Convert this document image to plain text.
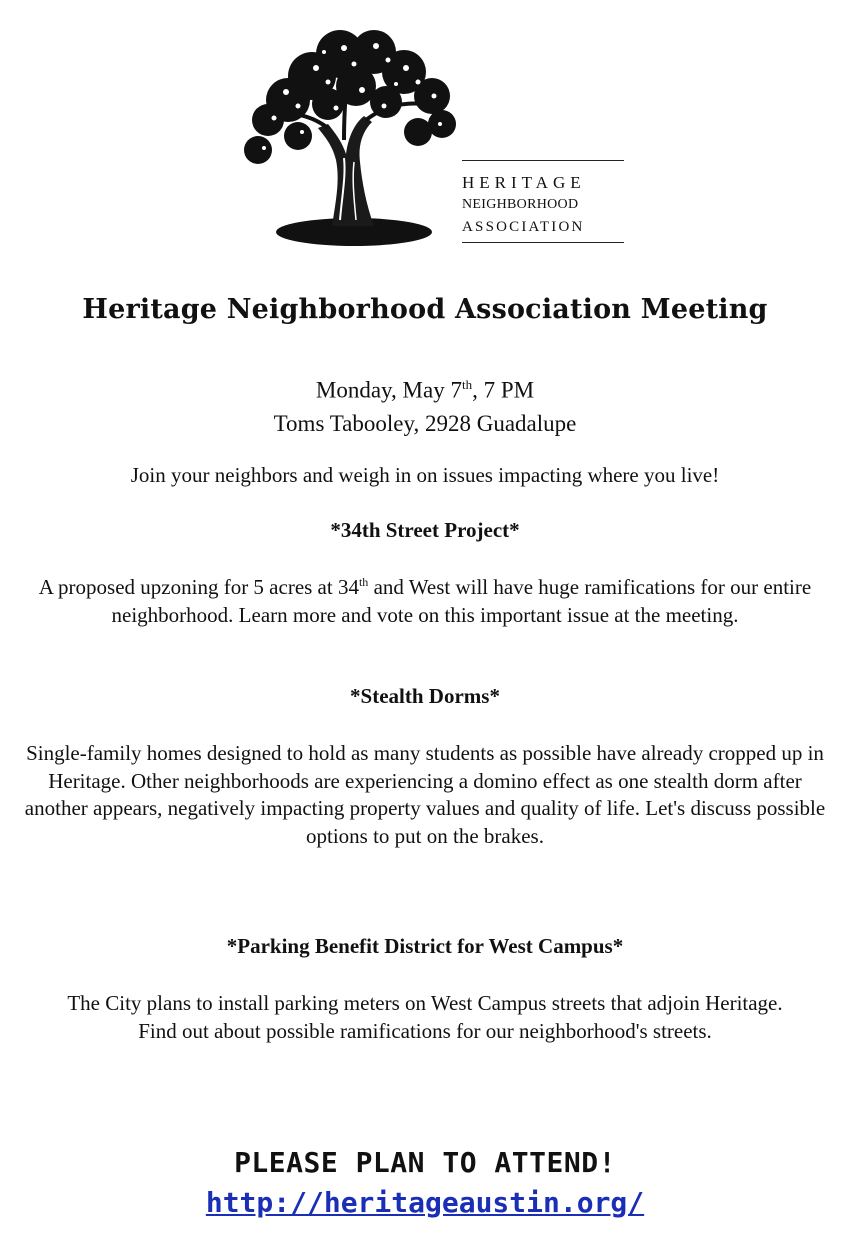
HERITAGE
NEIGHBORHOOD
ASSOCIATION
Heritage Neighborhood Association Meeting
Monday, May 7th, 7 PM
Toms Tabooley, 2928 Guadalupe

Join your neighbors and weigh in on issues impacting where you live!

*34th Street Project*

A proposed upzoning for 5 acres at 34th and West will have huge ramifications for our entire neighborhood. Learn more and vote on this important issue at the meeting.

*Stealth Dorms*

Single-family homes designed to hold as many students as possible have already cropped up in Heritage. Other neighborhoods are experiencing a domino effect as one stealth dorm after another appears, negatively impacting property values and quality of life. Let's discuss possible options to put on the brakes.

*Parking Benefit District for West Campus*

The City plans to install parking meters on West Campus streets that adjoin Heritage. Find out about possible ramifications for our neighborhood's streets.

PLEASE PLAN TO ATTEND!

http://heritageaustin.org/
